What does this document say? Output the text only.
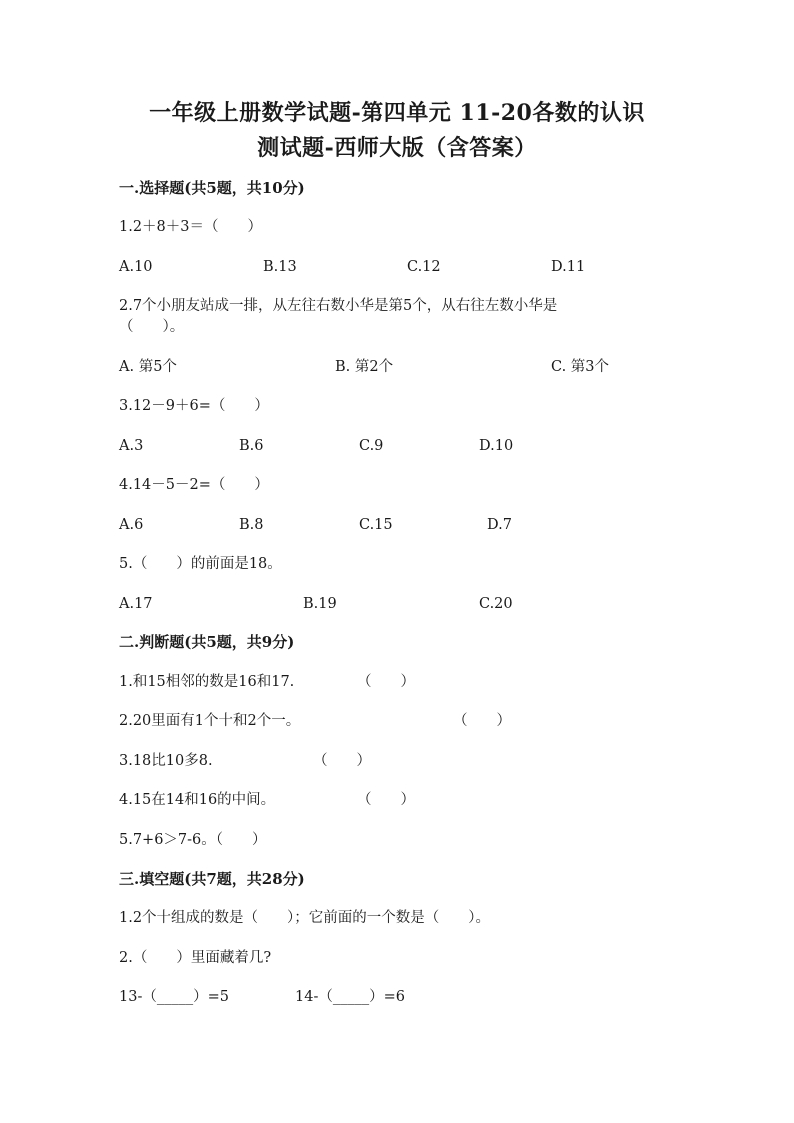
一年级上册数学试题-第四单元 11-20各数的认识
测试题-西师大版（含答案）
一.选择题(共5题，共10分)
1.2＋8＋3＝（　　）
A.10	B.13	C.12	D.11
2.7个小朋友站成一排，从左往右数小华是第5个，从右往左数小华是
（　　）。
A. 第5个	B. 第2个	C. 第3个
3.12－9＋6=（　　）
A.3	B.6	C.9	D.10
4.14－5－2=（　　）
A.6	B.8	C.15	D.7
5.（　　）的前面是18。
A.17	B.19	C.20
二.判断题(共5题，共9分)
1.和15相邻的数是16和17.	（　　）
2.20里面有1个十和2个一。	（　　）
3.18比10多8.	（　　）
4.15在14和16的中间。	（　　）
5.7+6＞7-6。（　　）
三.填空题(共7题，共28分)
1.2个十组成的数是（　　）；它前面的一个数是（　　）。
2.（　　）里面藏着几?
13-（_____）=5	14-（_____）=6
